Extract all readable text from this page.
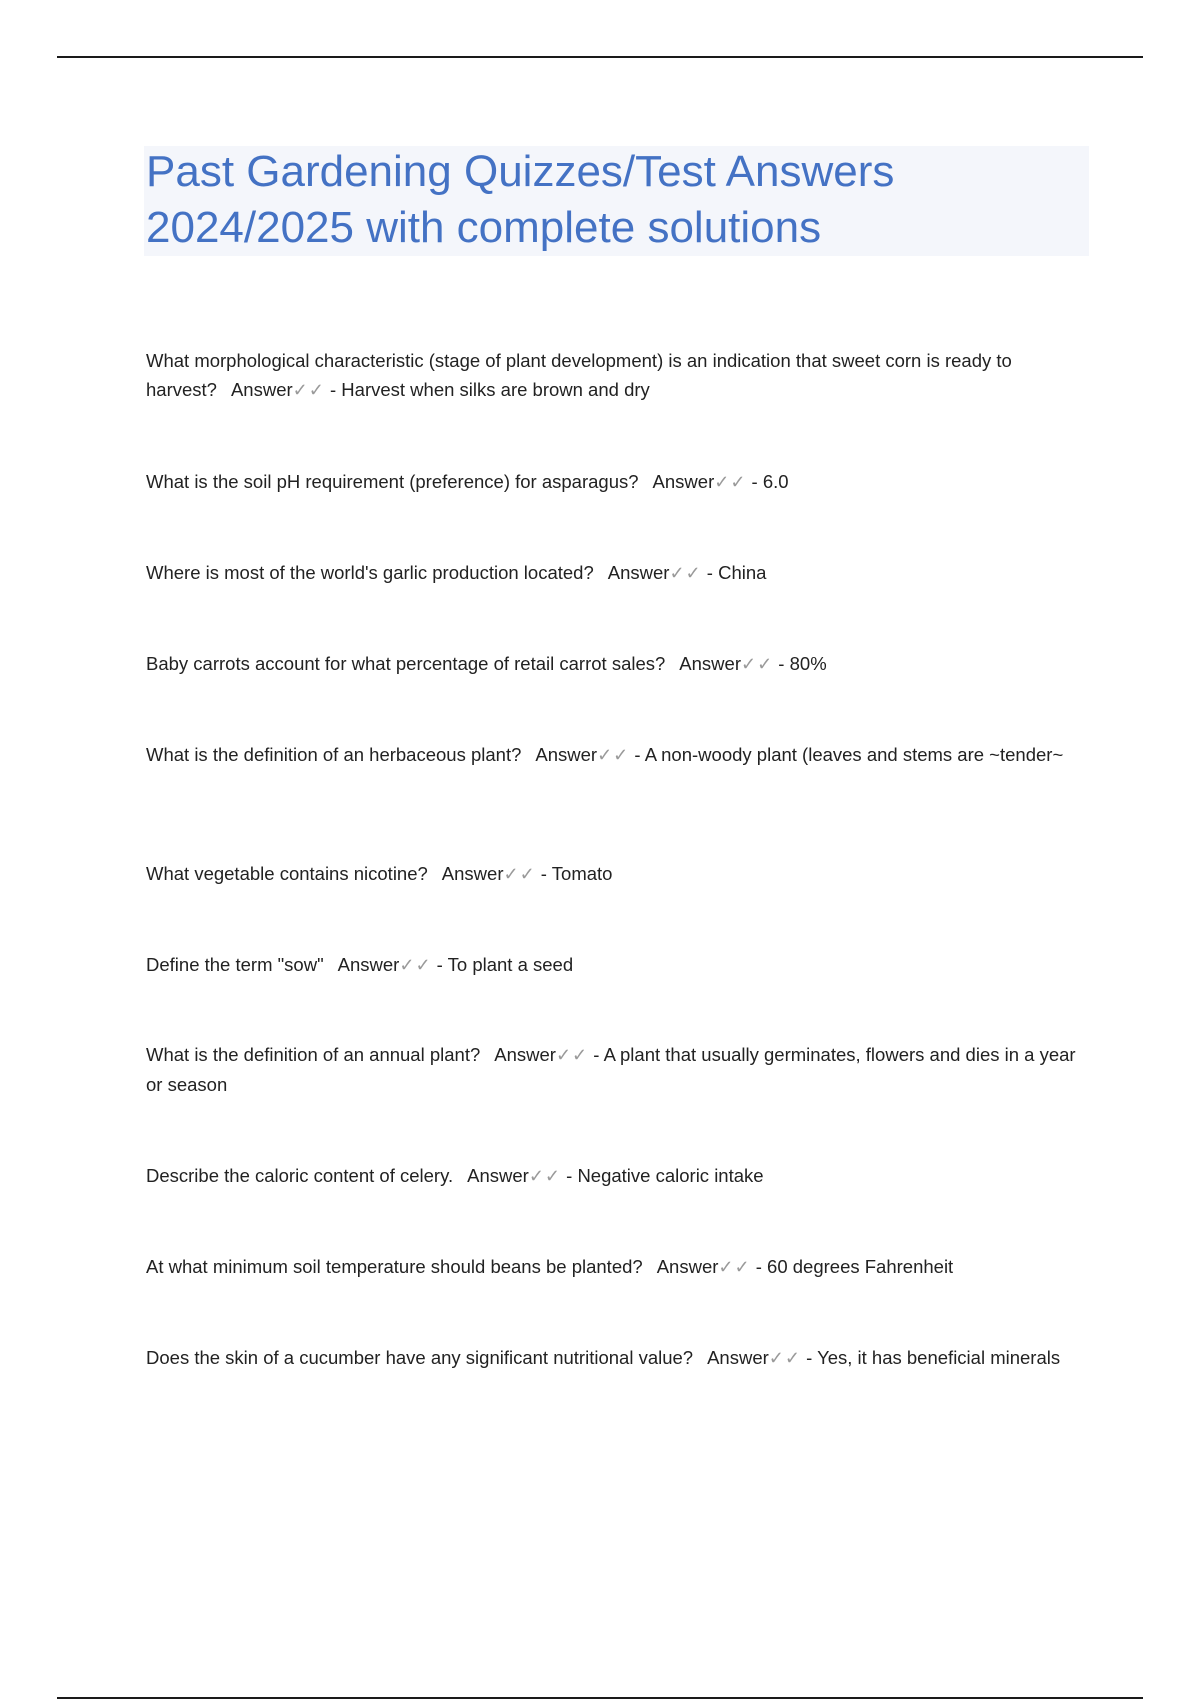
Past Gardening Quizzes/Test Answers 2024/2025 with complete solutions
What morphological characteristic (stage of plant development) is an indication that sweet corn is ready to harvest? Answer✓✓ - Harvest when silks are brown and dry
What is the soil pH requirement (preference) for asparagus? Answer✓✓ - 6.0
Where is most of the world's garlic production located? Answer✓✓ - China
Baby carrots account for what percentage of retail carrot sales? Answer✓✓ - 80%
What is the definition of an herbaceous plant? Answer✓✓ - A non-woody plant (leaves and stems are ~tender~
What vegetable contains nicotine? Answer✓✓ - Tomato
Define the term "sow" Answer✓✓ - To plant a seed
What is the definition of an annual plant? Answer✓✓ - A plant that usually germinates, flowers and dies in a year or season
Describe the caloric content of celery. Answer✓✓ - Negative caloric intake
At what minimum soil temperature should beans be planted? Answer✓✓ - 60 degrees Fahrenheit
Does the skin of a cucumber have any significant nutritional value? Answer✓✓ - Yes, it has beneficial minerals
